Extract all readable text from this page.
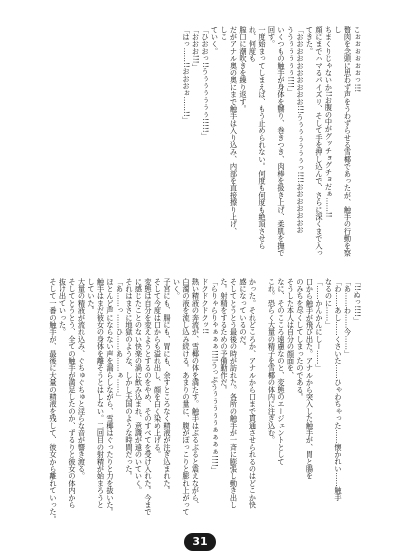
こぉぉぉぉぉぉっ!!!

贅肉を念頭に思わず声をうわずらせる雪椰であったが、触手の行動を察し

ちまくりじゃないか!!お腹の中がグッチョグチョだぁ……!!

顔にまでハマるパイズリ、そして手を押し込んで、さらに深くまで入ってきた。

「おおおおおおおおおお!!!うぅぅぅぅぅぅっ!!!!おおおおおおお

ううぅぅぅぅぅ!!!!」

いくつもの触手が身体を嬲り、巻きつき、肉棒を扱き上げ、柔肌を撫で回す。

一度始まってしまえば、もう止められない。何度も何度も絶頂させられ、何度も

膣口に潮吹きを繰り返す。

だがアナル奥の奥にまで触手は入り込み、内部を直接擦り上げ、

しこ

ていく。

「ひおおっ!!うぅぅぅぅぅぅ!!!!!」

「おおお!!!」

「はっ……!!おおおぉ……!!」

「!!ぬっ!!!!」

「あ……わ……今……」

「わ……あし……くさいた……ひゃわちゃった……懐かれい……触手

なるのに……」

「……かんかんにしー……」

口から触手が飛び出た。アナルから突入した触手が、胃と腸を

のみちを尽くしてしまったのである。

そうした本人は自分の顔面を、

なに、そのこころ遠慮なのと、変態のエージェントとして

これ。恐らく大量の精子を雪椰の体内に注ぎ込む。

かった。それどころか、アナルから口まで貫通させられるのはどこか快

感になっているのだ。

そしてとうとう最後の時が訪れた。各所の触手が一斉に膨張し動き出し

た。射精をするための予備動作だ。

「らりゃらりゃぁぁぁ!!!!うっぷうぅぅぅぅぅぁぁぁぁ!!!!」

ドクドクドクッ!!

熱い精液の奔流が、雪椰の体を満たす。触手はぶるぶると震えながら、

白濁の液を流し込み続ける。あまりの量に、腹がぽっこりと膨れ上がって

いく。

子宮にも、腸にも、胃にも、余すところなく精液が注ぎ込まれた。

そして今度は口からも溢れ出し、顔を白く染め上げる。

変態は自分を変えようとするのをやめ、そのすべてを受け入れた。今まで

に感じたことのない快楽の渦に飲み込まれ、意識が遠のいていく。

それはまさに地獄のような、しかし天国のような時間だった。

「あ……っ……ひ……あ……ぁ……」

ほとんど声にならない声を漏らしながら、雪椰はぐったりと力を抜いた。

触手はまだ彼女の身体を離そうとはしない。二回目の射精が始まろうと

していた。

大量の精液が流れ込み、ぐちゅぐちゅと淫らな音が響き渡る。

そしてとうとう、全ての触手が満足したのか、ずるりと彼女の体内から

抜け出ていった。

そして一番の触手が、最後に大量の精液を残して、彼女から離れていった。

31
